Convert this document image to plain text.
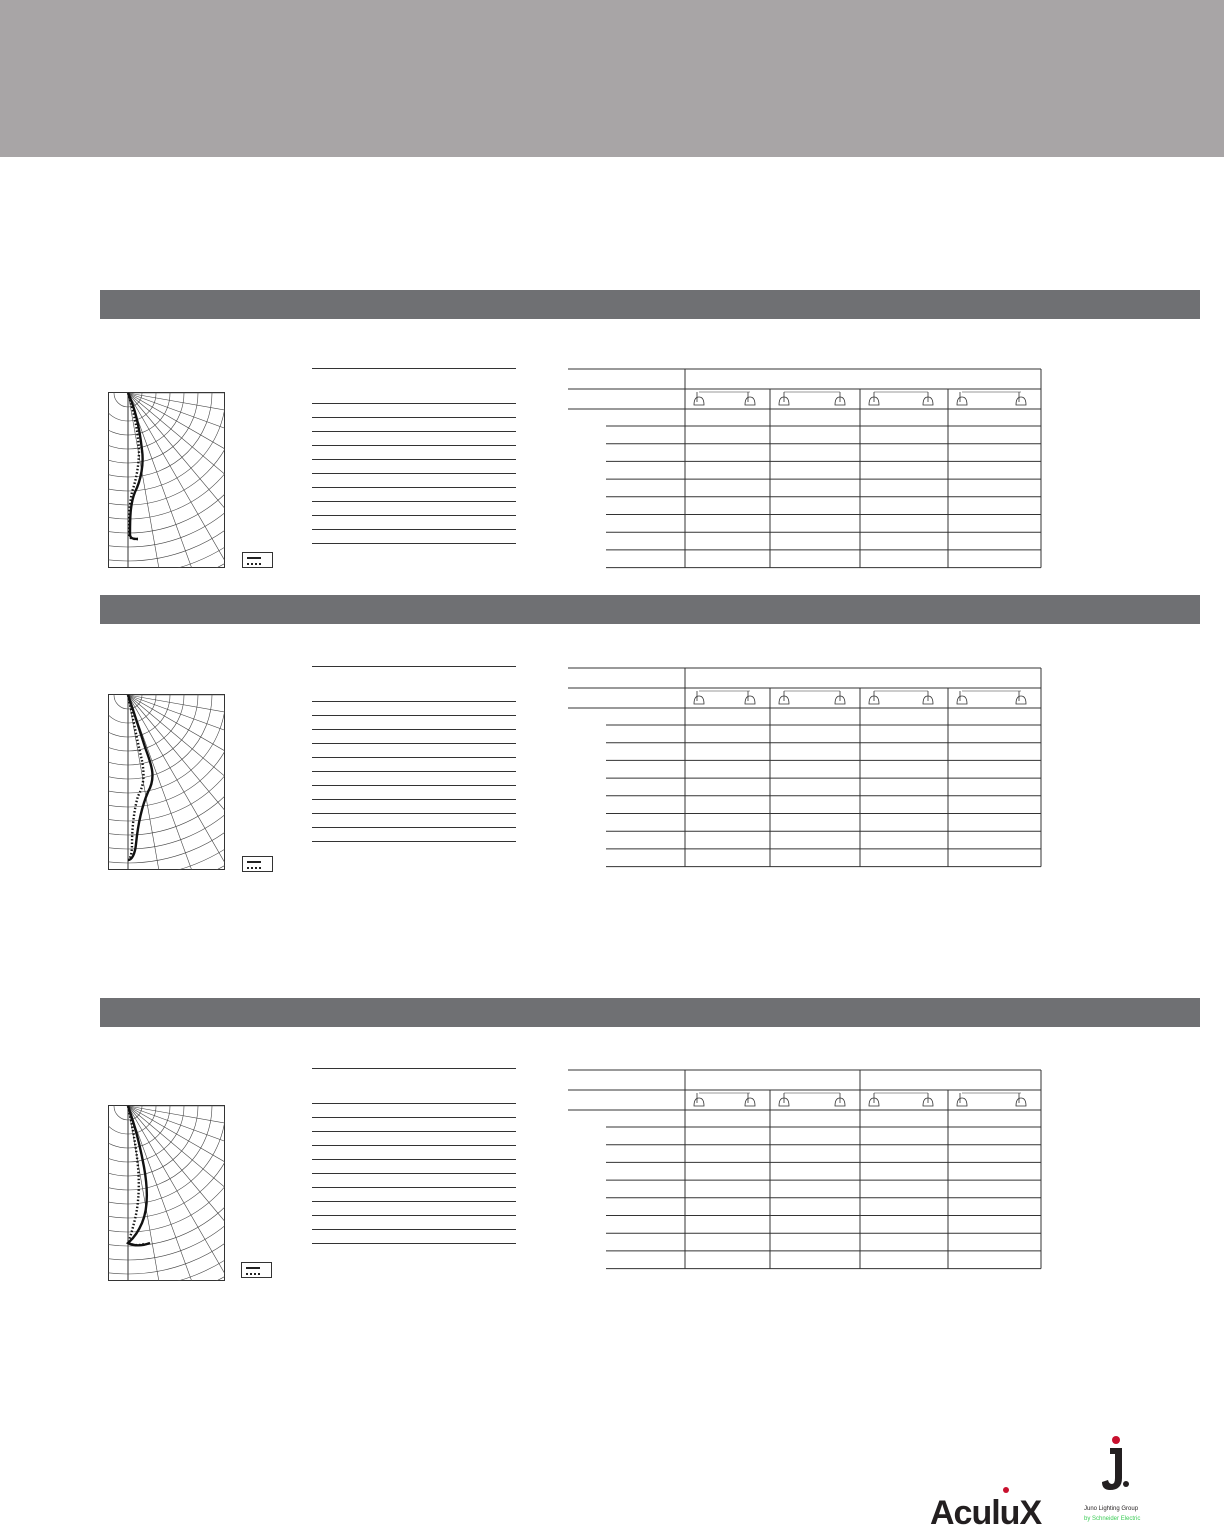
AculuX	Juno Lighting Group
by Schneider Electric
